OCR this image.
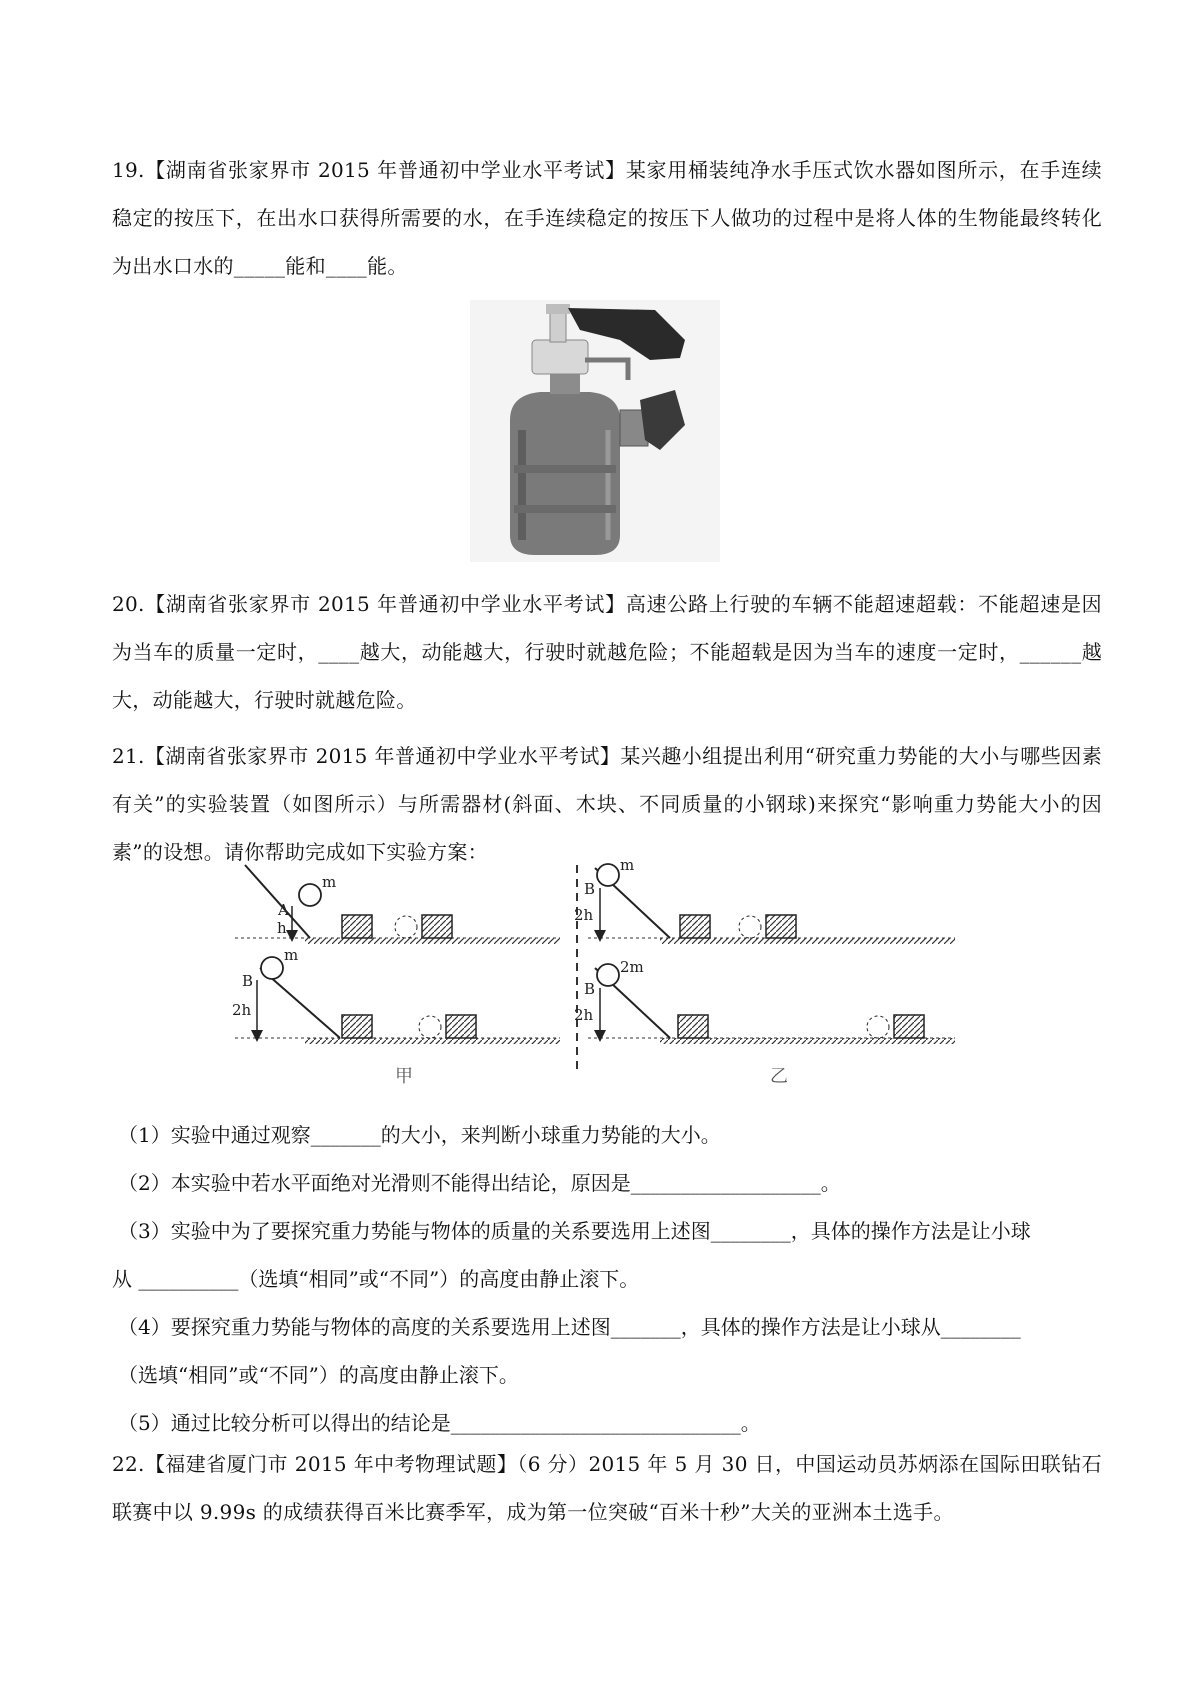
19.【湖南省张家界市 2015 年普通初中学业水平考试】某家用桶装纯净水手压式饮水器如图所示，在手连续稳定的按压下，在出水口获得所需要的水，在手连续稳定的按压下人做功的过程中是将人体的生物能最终转化为出水口水的_____能和____能。
20.【湖南省张家界市 2015 年普通初中学业水平考试】高速公路上行驶的车辆不能超速超载：不能超速是因为当车的质量一定时，____越大，动能越大，行驶时就越危险；不能超载是因为当车的速度一定时，______越大，动能越大，行驶时就越危险。
21.【湖南省张家界市 2015 年普通初中学业水平考试】某兴趣小组提出利用“研究重力势能的大小与哪些因素有关”的实验装置（如图所示）与所需器材(斜面、木块、不同质量的小钢球)来探究“影响重力势能大小的因素”的设想。请你帮助完成如下实验方案：
m
A
h
m
B
2h
m
B
2h
2m
B
2h
甲	乙
（1）实验中通过观察_______的大小，来判断小球重力势能的大小。
（2）本实验中若水平面绝对光滑则不能得出结论，原因是___________________。
（3）实验中为了要探究重力势能与物体的质量的关系要选用上述图________，具体的操作方法是让小球
从 __________（选填“相同”或“不同”）的高度由静止滚下。
（4）要探究重力势能与物体的高度的关系要选用上述图_______，具体的操作方法是让小球从________
（选填“相同”或“不同”）的高度由静止滚下。
（5）通过比较分析可以得出的结论是_____________________________。
22.【福建省厦门市 2015 年中考物理试题】（6 分）2015 年 5 月 30 日，中国运动员苏炳添在国际田联钻石联赛中以 9.99s 的成绩获得百米比赛季军，成为第一位突破“百米十秒”大关的亚洲本土选手。
